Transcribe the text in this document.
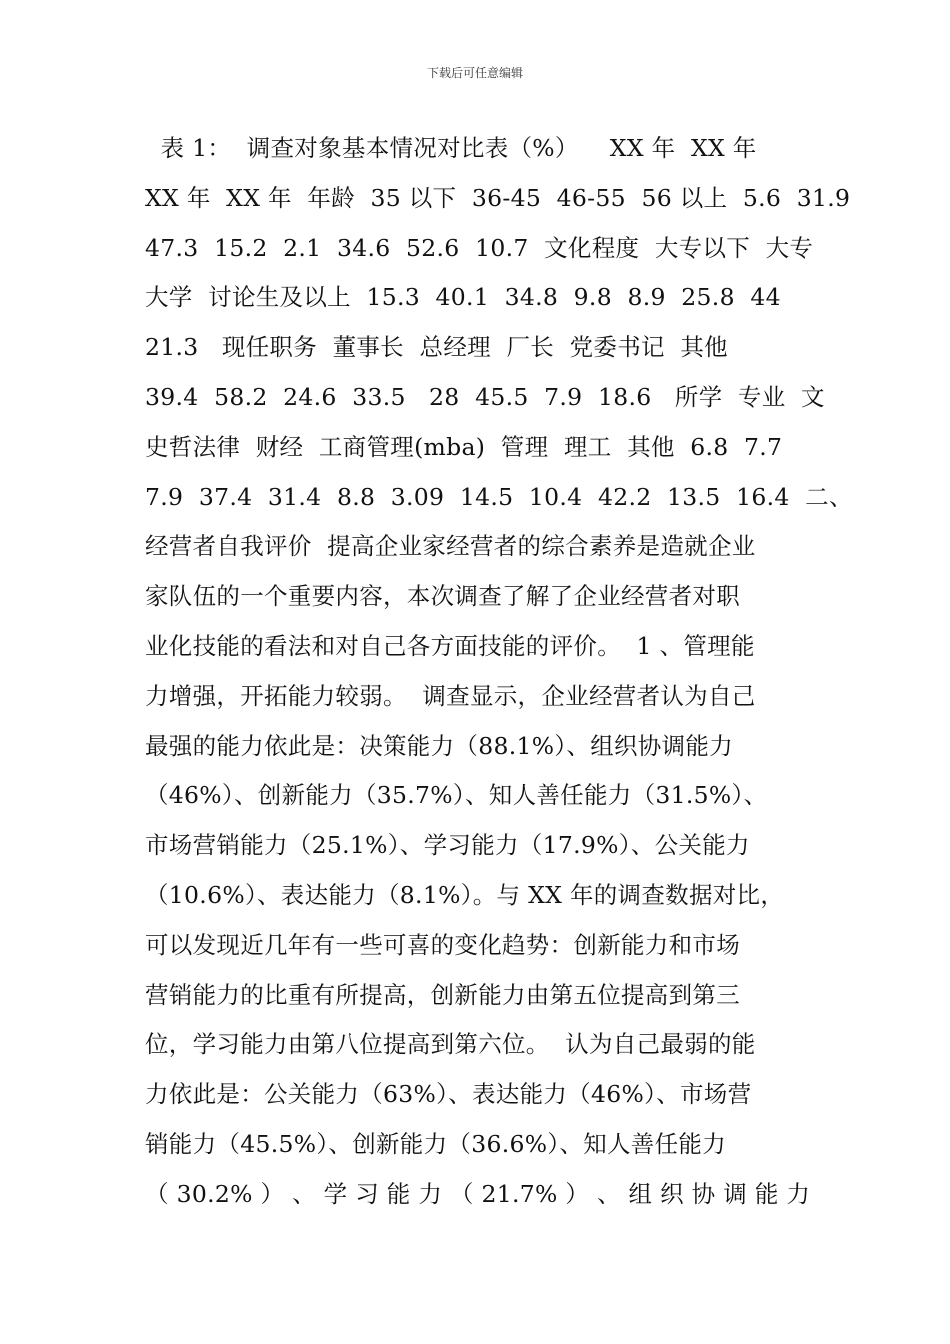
下载后可任意编辑
表 1：  调查对象基本情况对比表（%）    XX 年  XX 年
XX 年  XX 年  年龄  35 以下  36-45  46-55  56 以上  5.6  31.9
47.3  15.2  2.1  34.6  52.6  10.7  文化程度  大专以下  大专
大学  讨论生及以上  15.3  40.1  34.8  9.8  8.9  25.8  44
21.3   现任职务  董事长  总经理  厂长  党委书记  其他
39.4  58.2  24.6  33.5   28  45.5  7.9  18.6   所学  专业  文
史哲法律  财经  工商管理(mba)  管理  理工  其他  6.8  7.7
7.9  37.4  31.4  8.8  3.09  14.5  10.4  42.2  13.5  16.4  二、
经营者自我评价  提高企业家经营者的综合素养是造就企业
家队伍的一个重要内容，本次调查了解了企业经营者对职
业化技能的看法和对自己各方面技能的评价。  1 、管理能
力增强，开拓能力较弱。  调查显示，企业经营者认为自己
最强的能力依此是：决策能力（88.1%）、组织协调能力
（46%）、创新能力（35.7%）、知人善任能力（31.5%）、
市场营销能力（25.1%）、学习能力（17.9%）、公关能力
（10.6%）、表达能力（8.1%）。与 XX 年的调查数据对比，
可以发现近几年有一些可喜的变化趋势：创新能力和市场
营销能力的比重有所提高，创新能力由第五位提高到第三
位，学习能力由第八位提高到第六位。  认为自己最弱的能
力依此是：公关能力（63%）、表达能力（46%）、市场营
销能力（45.5%）、创新能力（36.6%）、知人善任能力
（ 30.2% ） 、 学 习 能 力 （ 21.7% ） 、 组 织 协 调 能 力
